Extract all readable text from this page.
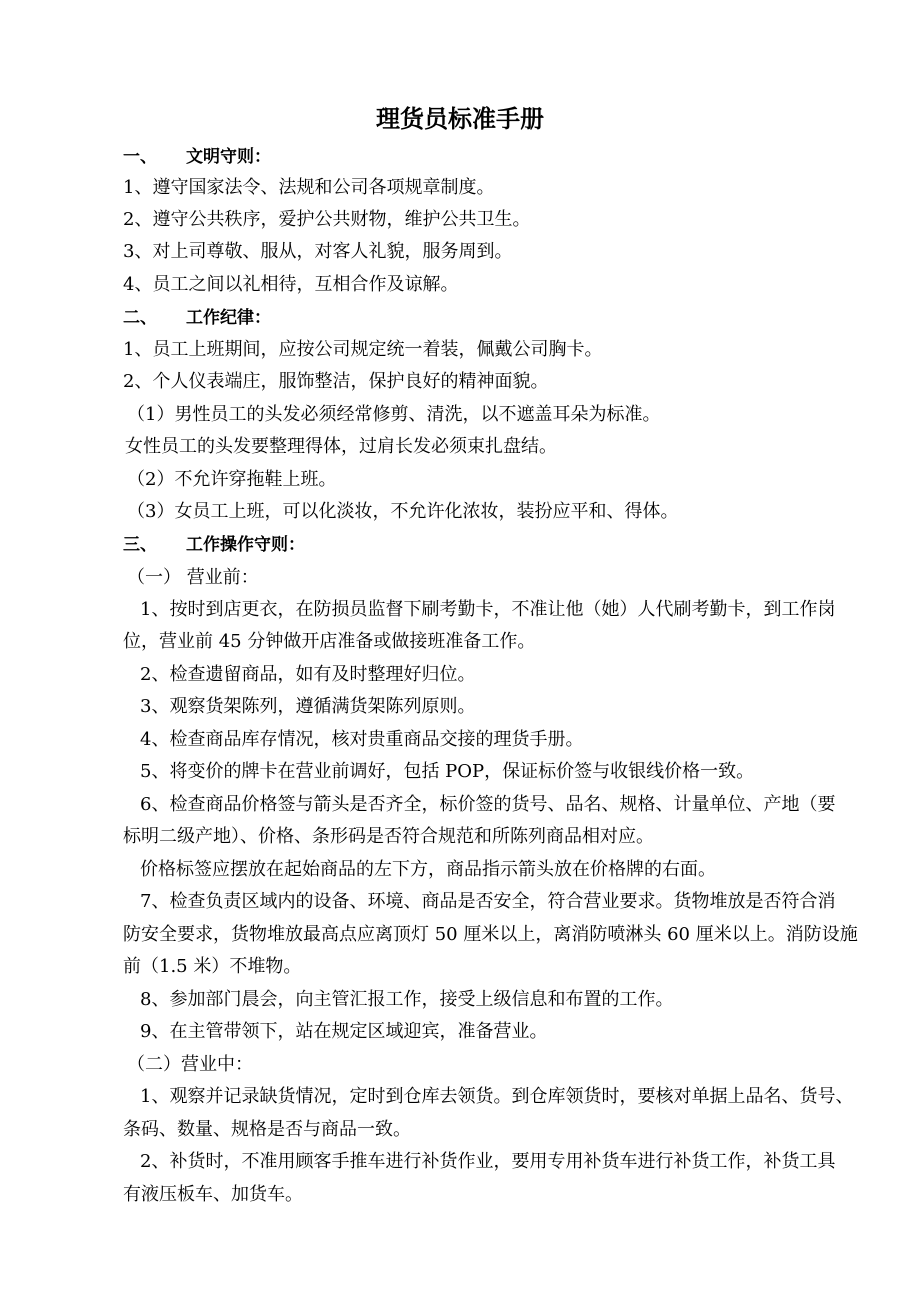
理货员标准手册
一、 文明守则：
1、遵守国家法令、法规和公司各项规章制度。
2、遵守公共秩序，爱护公共财物，维护公共卫生。
3、对上司尊敬、服从，对客人礼貌，服务周到。
4、员工之间以礼相待，互相合作及谅解。
二、 工作纪律：
1、员工上班期间，应按公司规定统一着装，佩戴公司胸卡。
2、个人仪表端庄，服饰整洁，保护良好的精神面貌。
（1）男性员工的头发必须经常修剪、清洗，以不遮盖耳朵为标准。
女性员工的头发要整理得体，过肩长发必须束扎盘结。
（2）不允许穿拖鞋上班。
（3）女员工上班，可以化淡妆，不允许化浓妆，装扮应平和、得体。
三、 工作操作守则：
（一） 营业前：
1、按时到店更衣，在防损员监督下刷考勤卡，不准让他（她）人代刷考勤卡，到工作岗
位，营业前 45 分钟做开店准备或做接班准备工作。
2、检查遗留商品，如有及时整理好归位。
3、观察货架陈列，遵循满货架陈列原则。
4、检查商品库存情况，核对贵重商品交接的理货手册。
5、将变价的牌卡在营业前调好，包括 POP，保证标价签与收银线价格一致。
6、检查商品价格签与箭头是否齐全，标价签的货号、品名、规格、计量单位、产地（要
标明二级产地）、价格、条形码是否符合规范和所陈列商品相对应。
价格标签应摆放在起始商品的左下方，商品指示箭头放在价格牌的右面。
7、检查负责区域内的设备、环境、商品是否安全，符合营业要求。货物堆放是否符合消
防安全要求，货物堆放最高点应离顶灯 50 厘米以上，离消防喷淋头 60 厘米以上。消防设施
前（1.5 米）不堆物。
8、参加部门晨会，向主管汇报工作，接受上级信息和布置的工作。
9、在主管带领下，站在规定区域迎宾，准备营业。
（二）营业中：
1、观察并记录缺货情况，定时到仓库去领货。到仓库领货时，要核对单据上品名、货号、
条码、数量、规格是否与商品一致。
2、补货时，不准用顾客手推车进行补货作业，要用专用补货车进行补货工作，补货工具
有液压板车、加货车。
